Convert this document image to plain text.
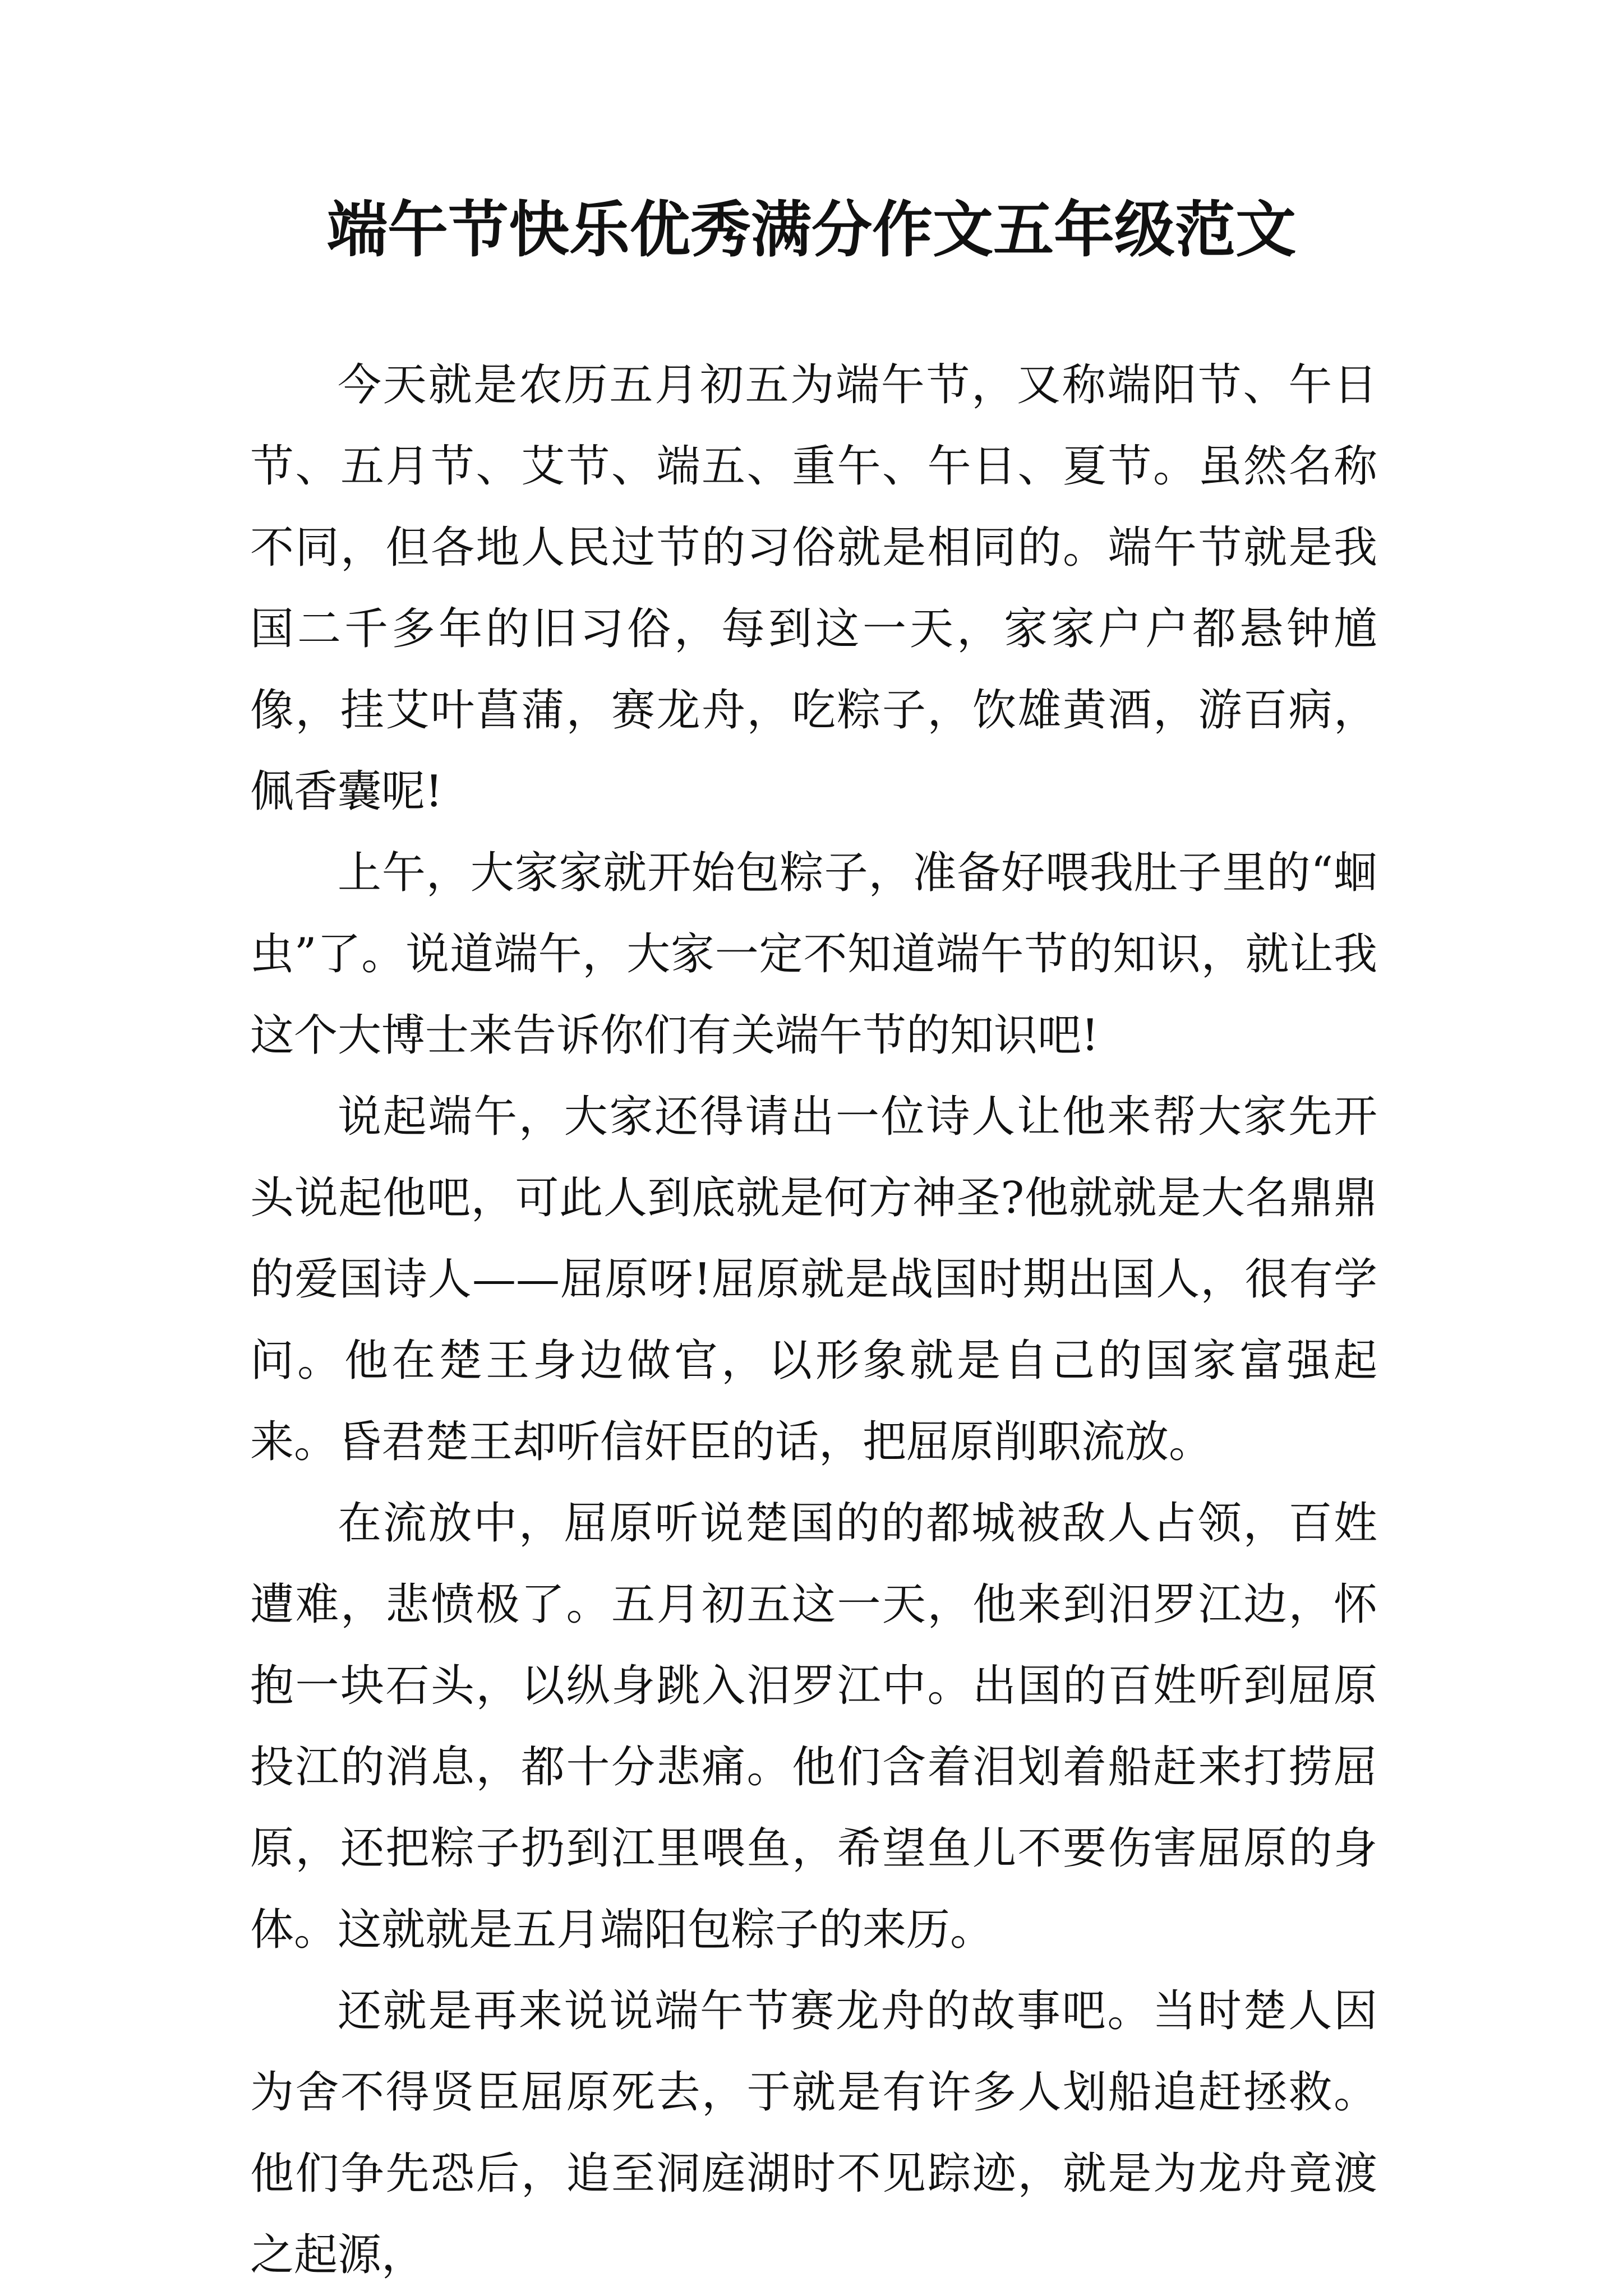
端午节快乐优秀满分作文五年级范文

今天就是农历五月初五为端午节，又称端阳节、午日节、五月节、艾节、端五、重午、午日、夏节。虽然名称不同，但各地人民过节的习俗就是相同的。端午节就是我国二千多年的旧习俗，每到这一天，家家户户都悬钟馗像，挂艾叶菖蒲，赛龙舟，吃粽子，饮雄黄酒，游百病，佩香囊呢!

上午，大家家就开始包粽子，准备好喂我肚子里的“蛔虫”了。说道端午，大家一定不知道端午节的知识，就让我这个大博士来告诉你们有关端午节的知识吧!

说起端午，大家还得请出一位诗人让他来帮大家先开头说起他吧，可此人到底就是何方神圣?他就就是大名鼎鼎的爱国诗人——屈原呀!屈原就是战国时期出国人，很有学问。他在楚王身边做官，以形象就是自己的国家富强起来。昏君楚王却听信奸臣的话，把屈原削职流放。

在流放中，屈原听说楚国的的都城被敌人占领，百姓遭难，悲愤极了。五月初五这一天，他来到汨罗江边，怀抱一块石头，以纵身跳入汨罗江中。出国的百姓听到屈原投江的消息，都十分悲痛。他们含着泪划着船赶来打捞屈原，还把粽子扔到江里喂鱼，希望鱼儿不要伤害屈原的身体。这就就是五月端阳包粽子的来历。

还就是再来说说端午节赛龙舟的故事吧。当时楚人因为舍不得贤臣屈原死去，于就是有许多人划船追赶拯救。他们争先恐后，追至洞庭湖时不见踪迹，就是为龙舟竟渡之起源，
